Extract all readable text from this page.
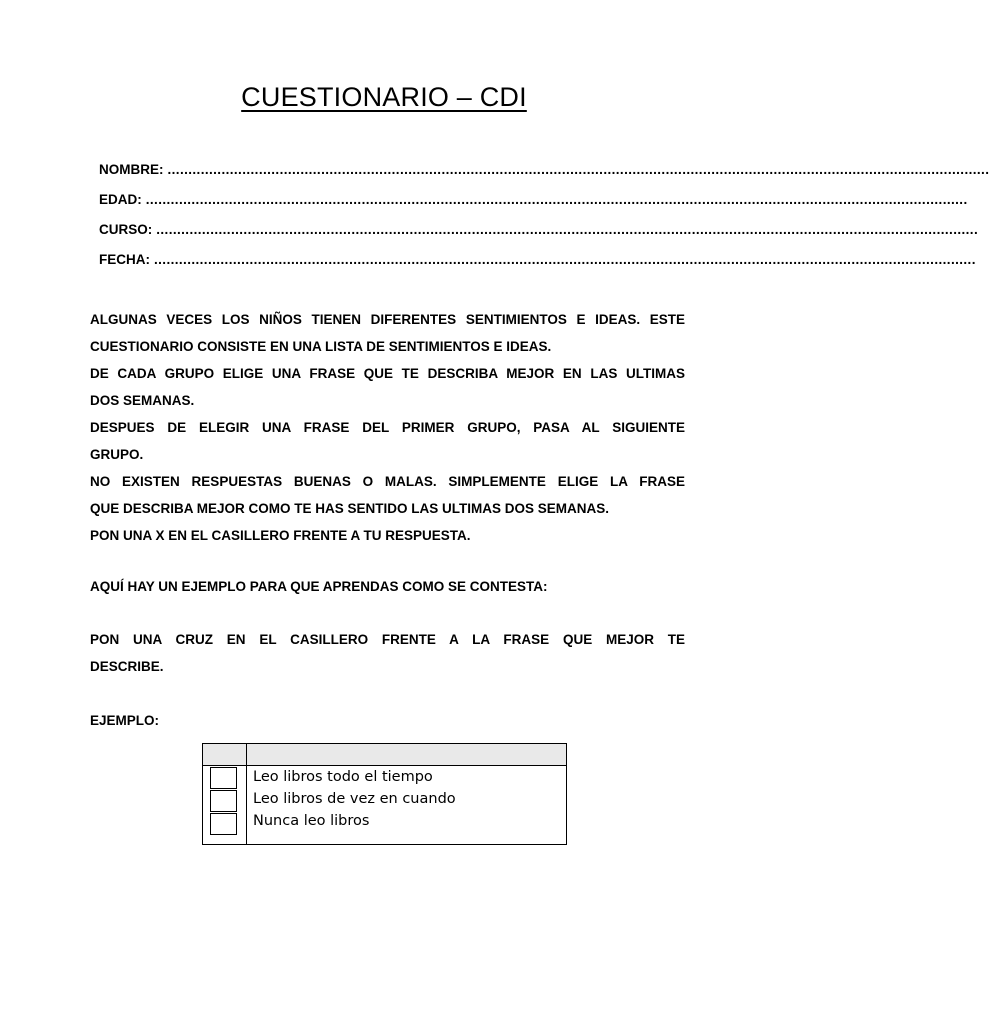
CUESTIONARIO – CDI
NOMBRE: ......................................................................................................................................................................................................
EDAD: ......................................................................................................................................................................................................
CURSO: ......................................................................................................................................................................................................
FECHA: ......................................................................................................................................................................................................

ALGUNAS VECES LOS NIÑOS TIENEN DIFERENTES SENTIMIENTOS E IDEAS. ESTE

CUESTIONARIO CONSISTE EN UNA LISTA DE SENTIMIENTOS E IDEAS.

DE CADA GRUPO ELIGE UNA FRASE QUE TE DESCRIBA MEJOR EN LAS ULTIMAS

DOS SEMANAS.

DESPUES DE ELEGIR UNA FRASE DEL PRIMER GRUPO, PASA AL SIGUIENTE

GRUPO.

NO EXISTEN RESPUESTAS BUENAS O MALAS. SIMPLEMENTE ELIGE LA FRASE

QUE DESCRIBA MEJOR COMO TE HAS SENTIDO LAS ULTIMAS DOS SEMANAS.

PON UNA X EN EL CASILLERO FRENTE A TU RESPUESTA.

AQUÍ HAY UN EJEMPLO PARA QUE APRENDAS COMO SE CONTESTA:

PON UNA CRUZ EN EL CASILLERO FRENTE A LA FRASE QUE MEJOR TE

DESCRIBE.

EJEMPLO:

	Leo libros todo el tiempo
Leo libros de vez en cuando
Nunca leo libros
